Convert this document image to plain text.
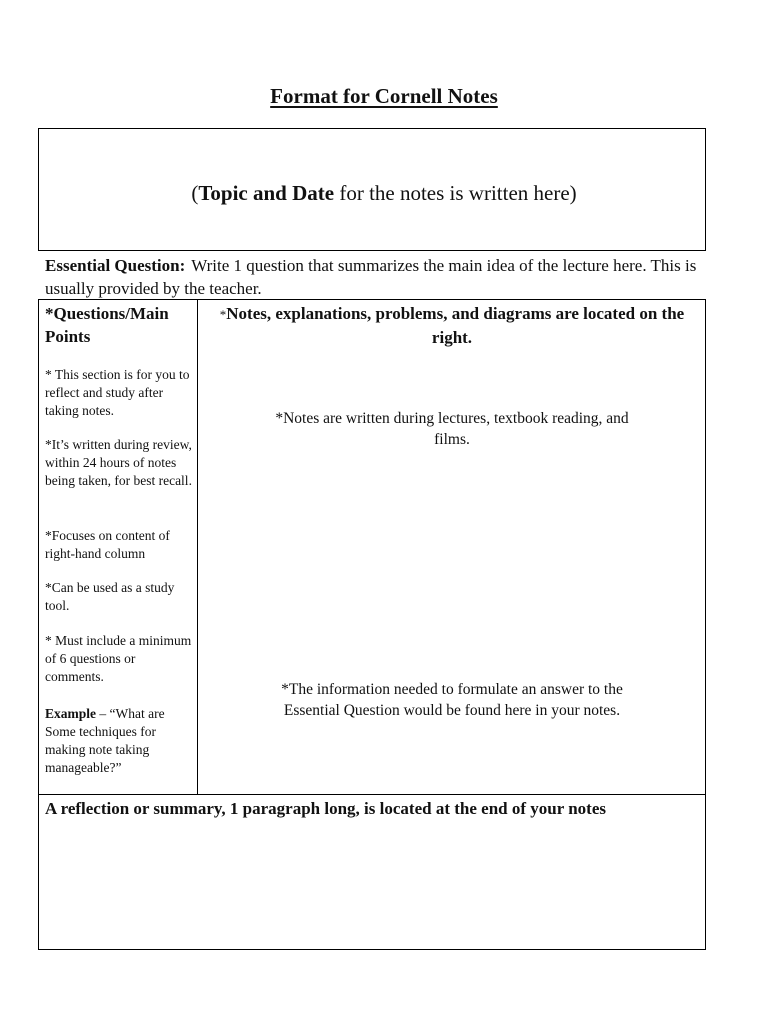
Format for Cornell Notes
(Topic and Date for the notes is written here)
Essential Question: Write 1 question that summarizes the main idea of the lecture here. This is usually provided by the teacher.
*Questions/Main Points

* This section is for you to reflect and study after taking notes.

*It’s written during review, within 24 hours of notes being taken, for best recall.

*Focuses on content of right-hand column

*Can be used as a study tool.

* Must include a minimum of 6 questions or comments.

Example – “What are Some techniques for making note taking manageable?”

*Notes, explanations, problems, and diagrams are located on the right.
*Notes are written during lectures, textbook reading, and films.
*The information needed to formulate an answer to the Essential Question would be found here in your notes.
A reflection or summary, 1 paragraph long, is located at the end of your notes
